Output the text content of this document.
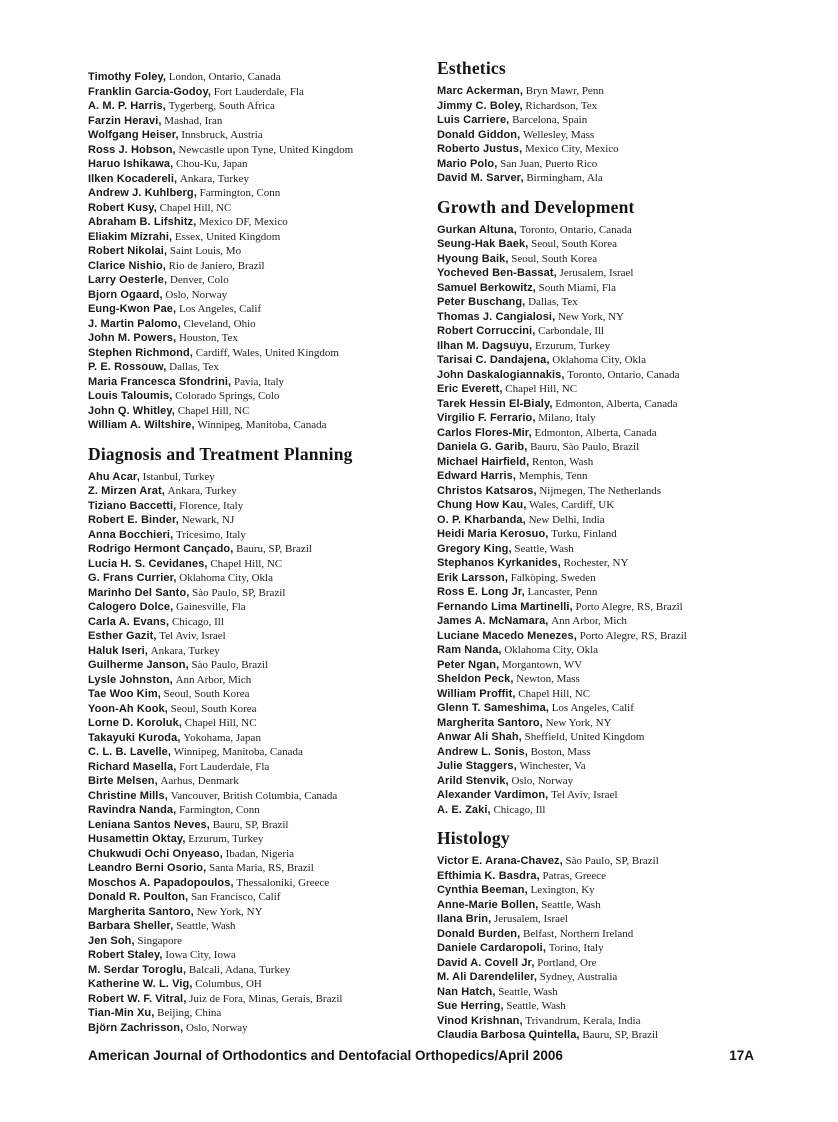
Timothy Foley , London, Ontario, Canada
Franklin Garcia-Godoy , Fort Lauderdale, Fla
A. M. P. Harris , Tygerberg, South Africa
Farzin Heravi , Mashad, Iran
Wolfgang Heiser , Innsbruck, Austria
Ross J. Hobson , Newcastle upon Tyne, United Kingdom
Haruo Ishikawa , Chou-Ku, Japan
Ilken Kocadereli , Ankara, Turkey
Andrew J. Kuhlberg , Farmington, Conn
Robert Kusy , Chapel Hill, NC
Abraham B. Lifshitz , Mexico DF, Mexico
Eliakim Mizrahi , Essex, United Kingdom
Robert Nikolai , Saint Louis, Mo
Clarice Nishio , Rio de Janiero, Brazil
Larry Oesterle , Denver, Colo
Bjorn Ogaard , Oslo, Norway
Eung-Kwon Pae , Los Angeles, Calif
J. Martin Palomo , Cleveland, Ohio
John M. Powers , Houston, Tex
Stephen Richmond , Cardiff, Wales, United Kingdom
P. E. Rossouw , Dallas, Tex
Maria Francesca Sfondrini , Pavia, Italy
Louis Taloumis , Colorado Springs, Colo
John Q. Whitley , Chapel Hill, NC
William A. Wiltshire , Winnipeg, Manitoba, Canada
Diagnosis and Treatment Planning
Ahu Acar , Istanbul, Turkey
Z. Mirzen Arat , Ankara, Turkey
Tiziano Baccetti , Florence, Italy
Robert E. Binder , Newark, NJ
Anna Bocchieri , Tricesimo, Italy
Rodrigo Hermont Cançado , Bauru, SP, Brazil
Lucia H. S. Cevidanes , Chapel Hill, NC
G. Frans Currier , Oklahoma City, Okla
Marinho Del Santo , Sào Paulo, SP, Brazil
Calogero Dolce , Gainesville, Fla
Carla A. Evans , Chicago, Ill
Esther Gazit , Tel Aviv, Israel
Haluk Iseri , Ankara, Turkey
Guilherme Janson , Sào Paulo, Brazil
Lysle Johnston , Ann Arbor, Mich
Tae Woo Kim , Seoul, South Korea
Yoon-Ah Kook , Seoul, South Korea
Lorne D. Koroluk , Chapel Hill, NC
Takayuki Kuroda , Yokohama, Japan
C. L. B. Lavelle , Winnipeg, Manitoba, Canada
Richard Masella , Fort Lauderdale, Fla
Birte Melsen , Aarhus, Denmark
Christine Mills , Vancouver, British Columbia, Canada
Ravindra Nanda , Farmington, Conn
Leniana Santos Neves , Bauru, SP, Brazil
Husamettin Oktay , Erzurum, Turkey
Chukwudi Ochi Onyeaso , Ibadan, Nigeria
Leandro Berni Osorio , Santa Maria, RS, Brazil
Moschos A. Papadopoulos , Thessaloniki, Greece
Donald R. Poulton , San Francisco, Calif
Margherita Santoro , New York, NY
Barbara Sheller , Seattle, Wash
Jen Soh , Singapore
Robert Staley , Iowa City, Iowa
M. Serdar Toroglu , Balcali, Adana, Turkey
Katherine W. L. Vig , Columbus, OH
Robert W. F. Vitral , Juiz de Fora, Minas, Gerais, Brazil
Tian-Min Xu , Beijing, China
Björn Zachrisson , Oslo, Norway
Esthetics
Marc Ackerman , Bryn Mawr, Penn
Jimmy C. Boley , Richardson, Tex
Luis Carriere , Barcelona, Spain
Donald Giddon , Wellesley, Mass
Roberto Justus , Mexico City, Mexico
Mario Polo , San Juan, Puerto Rico
David M. Sarver , Birmingham, Ala
Growth and Development
Gurkan Altuna , Toronto, Ontario, Canada
Seung-Hak Baek , Seoul, South Korea
Hyoung Baik , Seoul, South Korea
Yocheved Ben-Bassat , Jerusalem, Israel
Samuel Berkowitz , South Miami, Fla
Peter Buschang , Dallas, Tex
Thomas J. Cangialosi , New York, NY
Robert Corruccini , Carbondale, Ill
Ilhan M. Dagsuyu , Erzurum, Turkey
Tarisai C. Dandajena , Oklahoma City, Okla
John Daskalogiannakis , Toronto, Ontario, Canada
Eric Everett , Chapel Hill, NC
Tarek Hessin El-Bialy , Edmonton, Alberta, Canada
Virgilio F. Ferrario , Milano, Italy
Carlos Flores-Mir , Edmonton, Alberta, Canada
Daniela G. Garib , Bauru, Sào Paulo, Brazil
Michael Hairfield , Renton, Wash
Edward Harris , Memphis, Tenn
Christos Katsaros , Nijmegen, The Netherlands
Chung How Kau , Wales, Cardiff, UK
O. P. Kharbanda , New Delhi, India
Heidi Maria Kerosuo , Turku, Finland
Gregory King , Seattle, Wash
Stephanos Kyrkanides , Rochester, NY
Erik Larsson , Falkòping, Sweden
Ross E. Long Jr , Lancaster, Penn
Fernando Lima Martinelli , Porto Alegre, RS, Brazil
James A. McNamara , Ann Arbor, Mich
Luciane Macedo Menezes , Porto Alegre, RS, Brazil
Ram Nanda , Oklahoma City, Okla
Peter Ngan , Morgantown, WV
Sheldon Peck , Newton, Mass
William Proffit , Chapel Hill, NC
Glenn T. Sameshima , Los Angeles, Calif
Margherita Santoro , New York, NY
Anwar Ali Shah , Sheffield, United Kingdom
Andrew L. Sonis , Boston, Mass
Julie Staggers , Winchester, Va
Arild Stenvik , Oslo, Norway
Alexander Vardimon , Tel Aviv, Israel
A. E. Zaki , Chicago, Ill
Histology
Victor E. Arana-Chavez , Sào Paulo, SP, Brazil
Efthimia K. Basdra , Patras, Greece
Cynthia Beeman , Lexington, Ky
Anne-Marie Bollen , Seattle, Wash
Ilana Brin , Jerusalem, Israel
Donald Burden , Belfast, Northern Ireland
Daniele Cardaropoli , Torino, Italy
David A. Covell Jr , Portland, Ore
M. Ali Darendeliler , Sydney, Australia
Nan Hatch , Seattle, Wash
Sue Herring , Seattle, Wash
Vinod Krishnan , Trivandrum, Kerala, India
Claudia Barbosa Quintella , Bauru, SP, Brazil
American Journal of Orthodontics and Dentofacial Orthopedics/April 2006	17A
